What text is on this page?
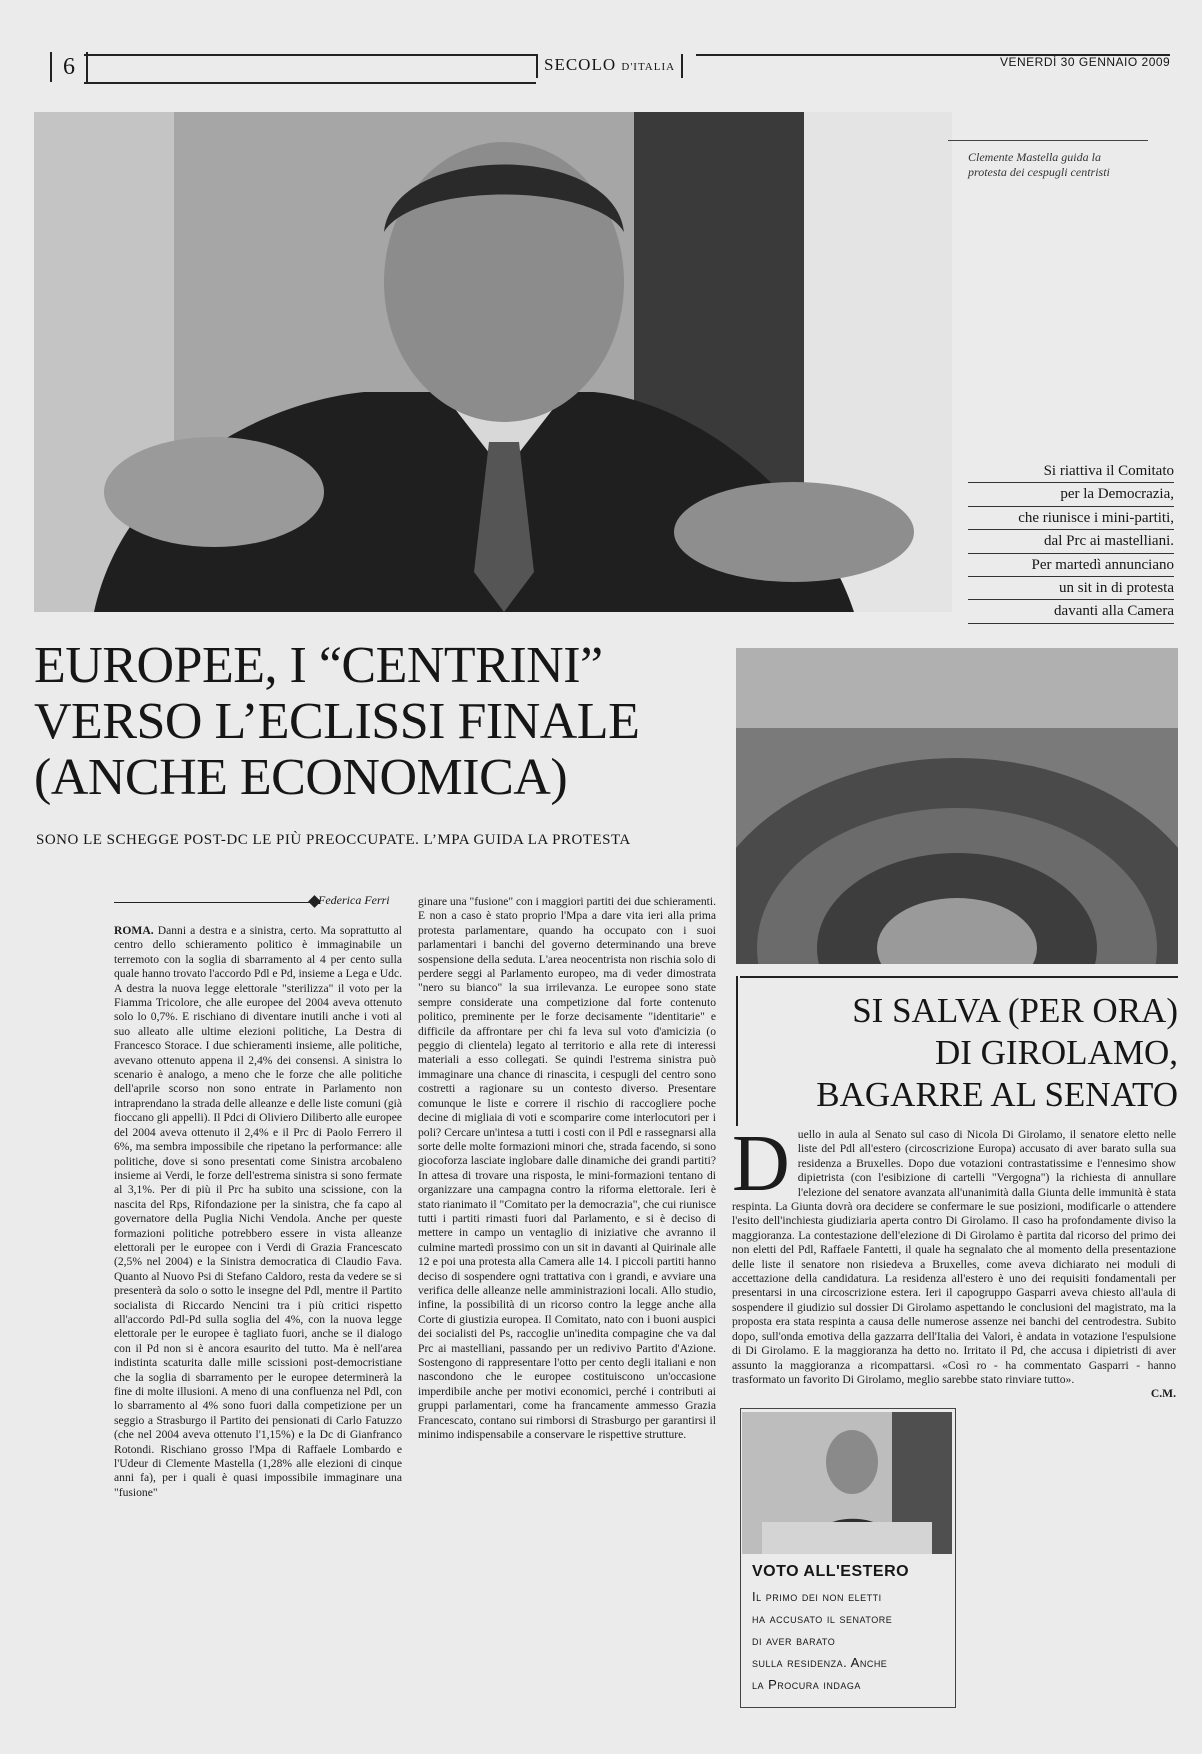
6	SECOLO D'ITALIA	VENERDÌ 30 GENNAIO 2009
Clemente Mastella guida la protesta dei cespugli centristi
Si riattiva il Comitato
per la Democrazia,
che riunisce i mini-partiti,
dal Prc ai mastelliani.
Per martedì annunciano
un sit in di protesta
davanti alla Camera
EUROPEE, I “CENTRINI”
VERSO L’ECLISSI FINALE
(ANCHE ECONOMICA)
SONO LE SCHEGGE POST-DC LE PIÙ PREOCCUPATE. L’MPA GUIDA LA PROTESTA
Federica Ferri

ROMA. Danni a destra e a sinistra, certo. Ma soprattutto al centro dello schieramento politico è immaginabile un terremoto con la soglia di sbarramento al 4 per cento sulla quale hanno trovato l'accordo Pdl e Pd, insieme a Lega e Udc. A destra la nuova legge elettorale "sterilizza" il voto per la Fiamma Tricolore, che alle europee del 2004 aveva ottenuto solo lo 0,7%. E rischiano di diventare inutili anche i voti al suo alleato alle ultime elezioni politiche, La Destra di Francesco Storace. I due schieramenti insieme, alle politiche, avevano ottenuto appena il 2,4% dei consensi. A sinistra lo scenario è analogo, a meno che le forze che alle politiche dell'aprile scorso non sono entrate in Parlamento non intraprendano la strada delle alleanze e delle liste comuni (già fioccano gli appelli). Il Pdci di Oliviero Diliberto alle europee del 2004 aveva ottenuto il 2,4% e il Prc di Paolo Ferrero il 6%, ma sembra impossibile che ripetano la performance: alle politiche, dove si sono presentati come Sinistra arcobaleno insieme ai Verdi, le forze dell'estrema sinistra si sono fermate al 3,1%. Per di più il Prc ha subito una scissione, con la nascita del Rps, Rifondazione per la sinistra, che fa capo al governatore della Puglia Nichi Vendola. Anche per queste formazioni politiche potrebbero essere in vista alleanze elettorali per le europee con i Verdi di Grazia Francescato (2,5% nel 2004) e la Sinistra democratica di Claudio Fava. Quanto al Nuovo Psi di Stefano Caldoro, resta da vedere se si presenterà da solo o sotto le insegne del Pdl, mentre il Partito socialista di Riccardo Nencini tra i più critici rispetto all'accordo Pdl-Pd sulla soglia del 4%, con la nuova legge elettorale per le europee è tagliato fuori, anche se il dialogo con il Pd non si è ancora esaurito del tutto. Ma è nell'area indistinta scaturita dalle mille scissioni post-democristiane che la soglia di sbarramento per le europee determinerà la fine di molte illusioni. A meno di una confluenza nel Pdl, con lo sbarramento al 4% sono fuori dalla competizione per un seggio a Strasburgo il Partito dei pensionati di Carlo Fatuzzo (che nel 2004 aveva ottenuto l'1,15%) e la Dc di Gianfranco Rotondi. Rischiano grosso l'Mpa di Raffaele Lombardo e l'Udeur di Clemente Mastella (1,28% alle elezioni di cinque anni fa), per i quali è quasi impossibile immaginare una "fusione"

ginare una "fusione" con i maggiori partiti dei due schieramenti. E non a caso è stato proprio l'Mpa a dare vita ieri alla prima protesta parlamentare, quando ha occupato con i suoi parlamentari i banchi del governo determinando una breve sospensione della seduta. L'area neocentrista non rischia solo di perdere seggi al Parlamento europeo, ma di veder dimostrata "nero su bianco" la sua irrilevanza. Le europee sono state sempre considerate una competizione dal forte contenuto politico, preminente per le forze decisamente "identitarie" e difficile da affrontare per chi fa leva sul voto d'amicizia (o peggio di clientela) legato al territorio e alla rete di interessi materiali a esso collegati. Se quindi l'estrema sinistra può immaginare una chance di rinascita, i cespugli del centro sono costretti a ragionare su un contesto diverso. Presentare comunque le liste e correre il rischio di raccogliere poche decine di migliaia di voti e scomparire come interlocutori per i poli? Cercare un'intesa a tutti i costi con il Pdl e rassegnarsi alla sorte delle molte formazioni minori che, strada facendo, si sono giocoforza lasciate inglobare dalle dinamiche dei grandi partiti? In attesa di trovare una risposta, le mini-formazioni tentano di organizzare una campagna contro la riforma elettorale. Ieri è stato rianimato il "Comitato per la democrazia", che cui riunisce tutti i partiti rimasti fuori dal Parlamento, e si è deciso di mettere in campo un ventaglio di iniziative che avranno il culmine martedì prossimo con un sit in davanti al Quirinale alle 12 e poi una protesta alla Camera alle 14. I piccoli partiti hanno deciso di sospendere ogni trattativa con i grandi, e avviare una verifica delle alleanze nelle amministrazioni locali. Allo studio, infine, la possibilità di un ricorso contro la legge anche alla Corte di giustizia europea. Il Comitato, nato con i buoni auspici dei socialisti del Ps, raccoglie un'inedita compagine che va dal Prc ai mastelliani, passando per un redivivo Partito d'Azione. Sostengono di rappresentare l'otto per cento degli italiani e non nascondono che le europee costituiscono un'occasione imperdibile anche per motivi economici, perché i contributi ai gruppi parlamentari, come ha francamente ammesso Grazia Francescato, contano sui rimborsi di Strasburgo per garantirsi il minimo indispensabile a conservare le rispettive strutture.

SI SALVA (PER ORA)
DI GIROLAMO,
BAGARRE AL SENATO
D uello in aula al Senato sul caso di Nicola Di Girolamo, il senatore eletto nelle liste del Pdl all'estero (circoscrizione Europa) accusato di aver barato sulla sua residenza a Bruxelles. Dopo due votazioni contrastatissime e l'ennesimo show dipietrista (con l'esibizione di cartelli "Vergogna") la richiesta di annullare l'elezione del senatore avanzata all'unanimità dalla Giunta delle immunità è stata respinta. La Giunta dovrà ora decidere se confermare le sue posizioni, modificarle o attendere l'esito dell'inchiesta giudiziaria aperta contro Di Girolamo. Il caso ha profondamente diviso la maggioranza. La contestazione dell'elezione di Di Girolamo è partita dal ricorso del primo dei non eletti del Pdl, Raffaele Fantetti, il quale ha segnalato che al momento della presentazione delle liste il senatore non risiedeva a Bruxelles, come aveva dichiarato nei moduli di accettazione della candidatura. La residenza all'estero è uno dei requisiti fondamentali per presentarsi in una circoscrizione estera. Ieri il capogruppo Gasparri aveva chiesto all'aula di sospendere il giudizio sul dossier Di Girolamo aspettando le conclusioni del magistrato, ma la proposta era stata respinta a causa delle numerose assenze nei banchi del centrodestra. Subito dopo, sull'onda emotiva della gazzarra dell'Italia dei Valori, è andata in votazione l'espulsione di Di Girolamo. E la maggioranza ha detto no. Irritato il Pd, che accusa i dipietristi di aver assunto la maggioranza a ricompattarsi. «Così ro - ha commentato Gasparri - hanno trasformato un favorito Di Girolamo, meglio sarebbe stato rinviare tutto».
C.M.
VOTO ALL'ESTERO
Il primo dei non eletti
ha accusato il senatore
di aver barato
sulla residenza. Anche
la Procura indaga
